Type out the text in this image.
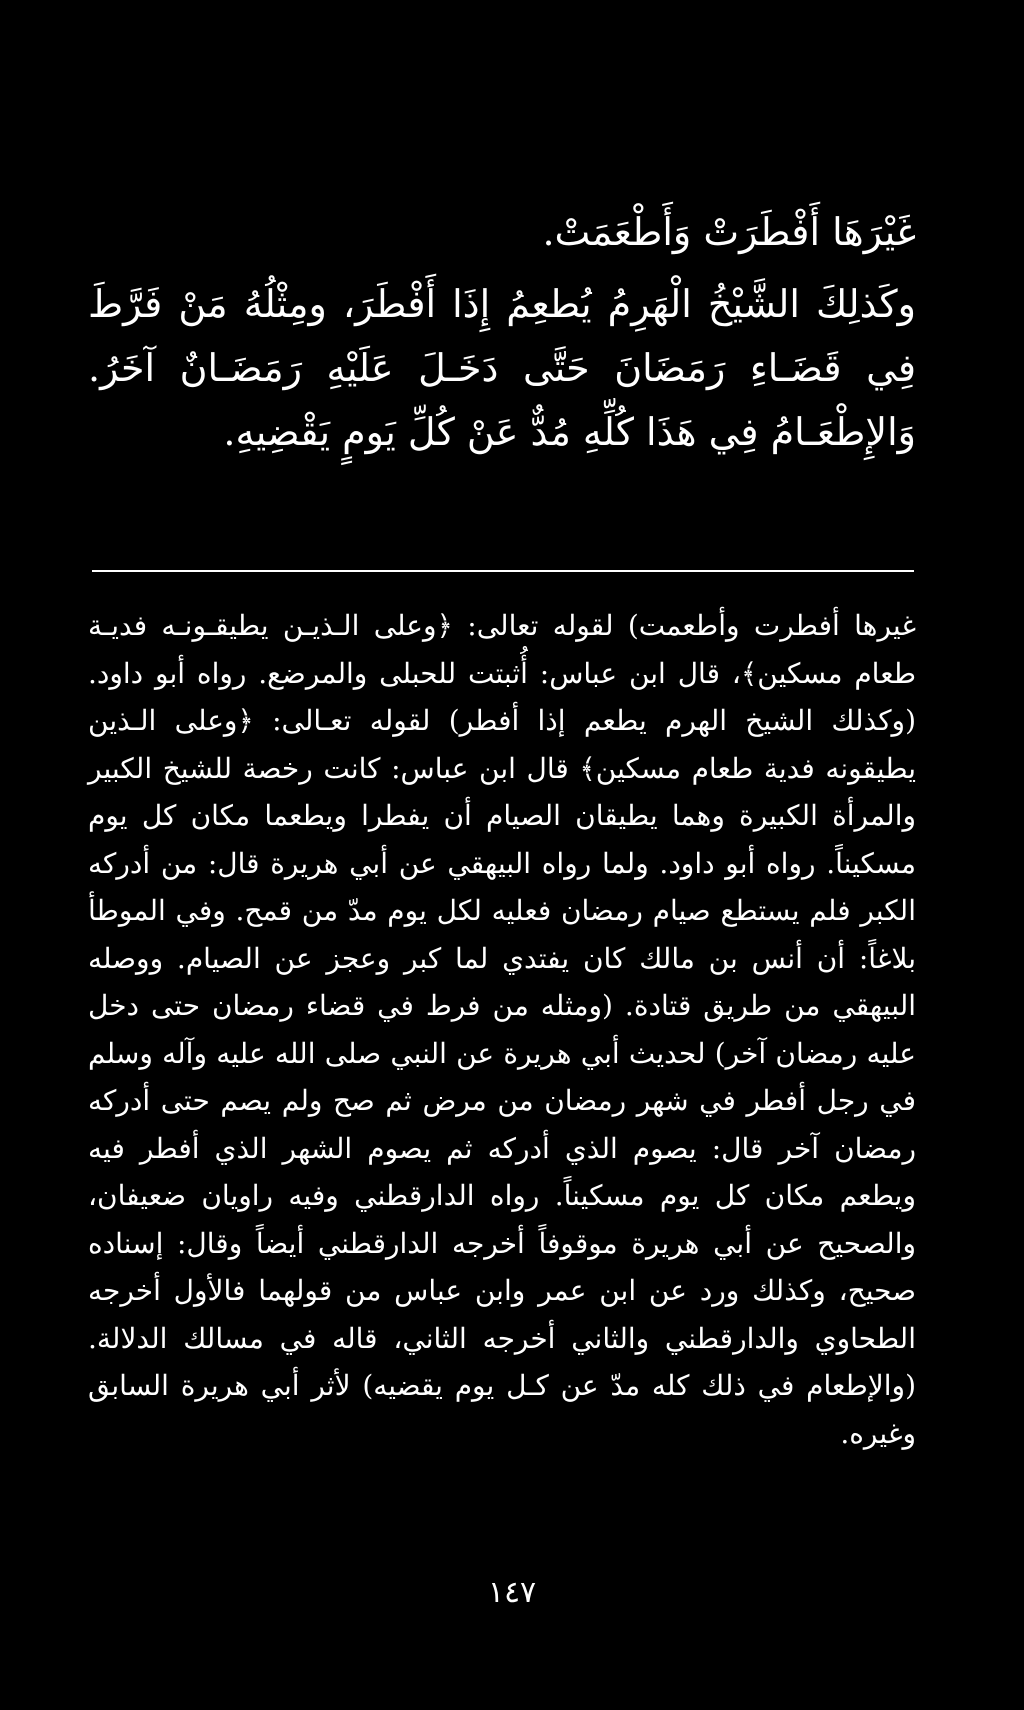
غَيْرَهَا أَفْطَرَتْ وَأَطْعَمَتْ.

وكَذلِكَ الشَّيْخُ الْهَرِمُ يُطعِمُ إِذَا أَفْطَرَ، ومِثْلُهُ مَنْ فَرَّطَ فِي قَضَـاءِ رَمَضَانَ حَتَّى دَخَـلَ عَلَيْهِ رَمَضَـانٌ آخَرُ. وَالإِطْعَـامُ فِي هَذَا كُلِّهِ مُدٌّ عَنْ كُلِّ يَومٍ يَقْضِيهِ.

غيرها أفطرت وأطعمت) لقوله تعالى: ﴿وعلى الـذيـن يطيقـونـه فديـة طعام مسكين﴾، قال ابن عباس: أُثبتت للحبلى والمرضع. رواه أبو داود. (وكذلك الشيخ الهرم يطعم إذا أفطر) لقوله تعـالى: ﴿وعلى الـذين يطيقونه فدية طعام مسكين﴾ قال ابن عباس: كانت رخصة للشيخ الكبير والمرأة الكبيرة وهما يطيقان الصيام أن يفطرا ويطعما مكان كل يوم مسكيناً. رواه أبو داود. ولما رواه البيهقي عن أبي هريرة قال: من أدركه الكبر فلم يستطع صيام رمضان فعليه لكل يوم مدّ من قمح. وفي الموطأ بلاغاً: أن أنس بن مالك كان يفتدي لما كبر وعجز عن الصيام. ووصله البيهقي من طريق قتادة. (ومثله من فرط في قضاء رمضان حتى دخل عليه رمضان آخر) لحديث أبي هريرة عن النبي صلى الله عليه وآله وسلم في رجل أفطر في شهر رمضان من مرض ثم صح ولم يصم حتى أدركه رمضان آخر قال: يصوم الذي أدركه ثم يصوم الشهر الذي أفطر فيه ويطعم مكان كل يوم مسكيناً. رواه الدارقطني وفيه راويان ضعيفان، والصحيح عن أبي هريرة موقوفاً أخرجه الدارقطني أيضاً وقال: إسناده صحيح، وكذلك ورد عن ابن عمر وابن عباس من قولهما فالأول أخرجه الطحاوي والدارقطني والثاني أخرجه الثاني، قاله في مسالك الدلالة. (والإطعام في ذلك كله مدّ عن كـل يوم يقضيه) لأثر أبي هريرة السابق وغيره.

١٤٧
